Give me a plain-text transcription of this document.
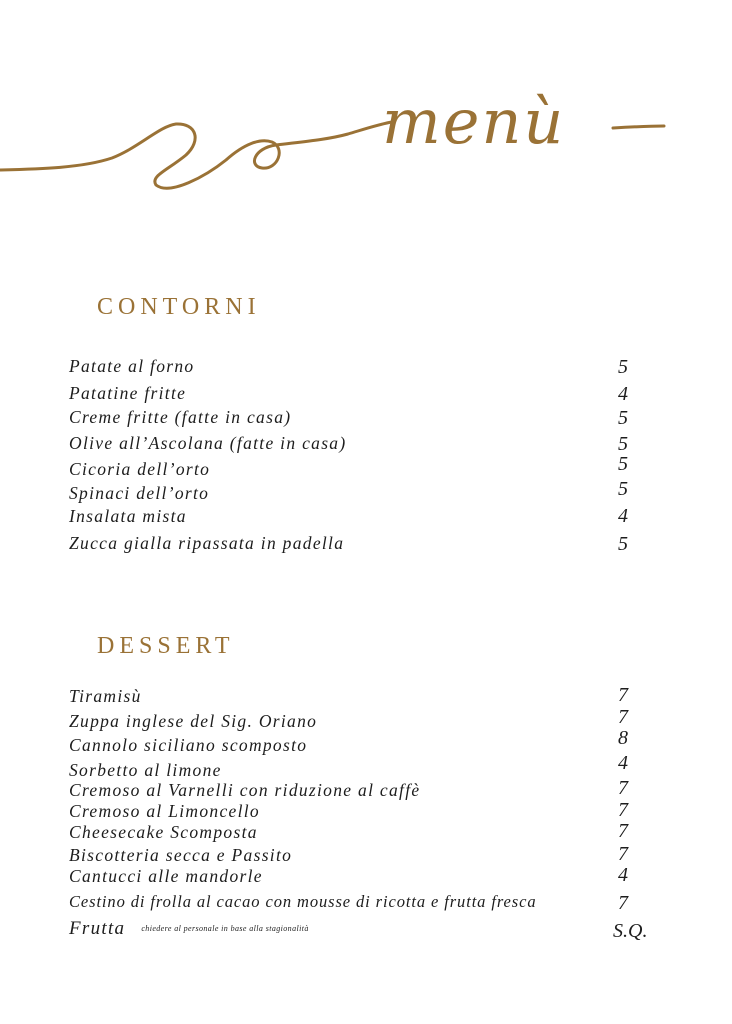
menù
CONTORNI
Patate al forno	5
Patatine fritte	4
Creme fritte (fatte in casa)	5
Olive all’Ascolana (fatte in casa)	5
Cicoria dell’orto	5
Spinaci dell’orto	5
Insalata mista	4
Zucca gialla ripassata in padella	5
DESSERT
Tiramisù	7
Zuppa inglese del Sig. Oriano	7
Cannolo siciliano scomposto	8
Sorbetto al limone	4
Cremoso al Varnelli con riduzione al caffè	7
Cremoso al Limoncello	7
Cheesecake Scomposta	7
Biscotteria secca e Passito	7
Cantucci alle mandorle	4
Cestino di frolla al cacao con mousse di ricotta e frutta fresca	7
Frutta chiedere al personale in base alla stagionalità	S.Q.
